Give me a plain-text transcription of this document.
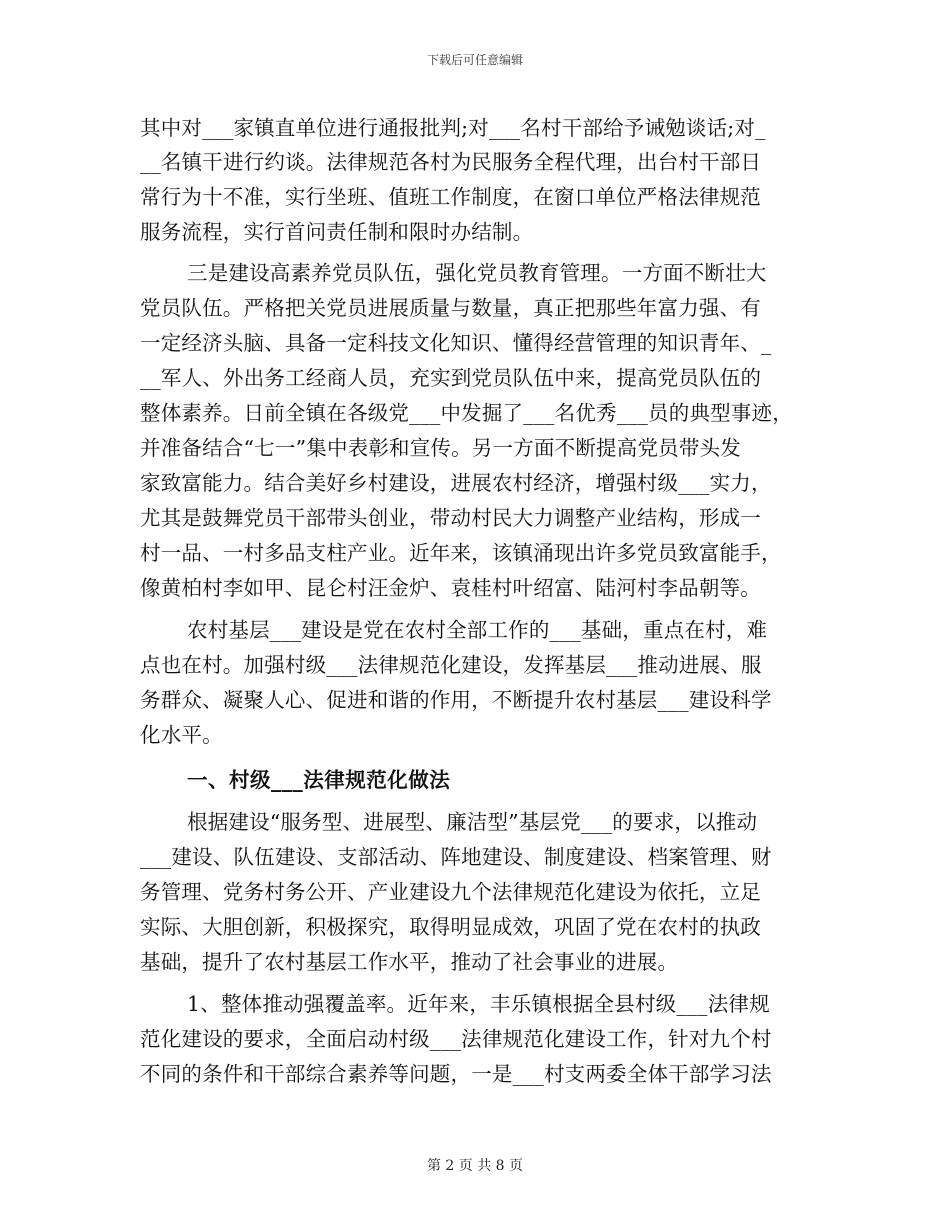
下载后可任意编辑
其中对___家镇直单位进行通报批判;对___名村干部给予诫勉谈话;对_
__名镇干进行约谈。法律规范各村为民服务全程代理，出台村干部日
常行为十不准，实行坐班、值班工作制度，在窗口单位严格法律规范
服务流程，实行首问责任制和限时办结制。
三是建设高素养党员队伍，强化党员教育管理。一方面不断壮大
党员队伍。严格把关党员进展质量与数量，真正把那些年富力强、有
一定经济头脑、具备一定科技文化知识、懂得经营管理的知识青年、_
__军人、外出务工经商人员，充实到党员队伍中来，提高党员队伍的
整体素养。日前全镇在各级党___中发掘了___名优秀___员的典型事迹，
并准备结合“七一”集中表彰和宣传。另一方面不断提高党员带头发
家致富能力。结合美好乡村建设，进展农村经济，增强村级___实力，
尤其是鼓舞党员干部带头创业，带动村民大力调整产业结构，形成一
村一品、一村多品支柱产业。近年来，该镇涌现出许多党员致富能手，
像黄柏村李如甲、昆仑村汪金炉、袁桂村叶绍富、陆河村李品朝等。
农村基层___建设是党在农村全部工作的___基础，重点在村，难
点也在村。加强村级___法律规范化建设，发挥基层___推动进展、服
务群众、凝聚人心、促进和谐的作用，不断提升农村基层___建设科学
化水平。
一、村级___法律规范化做法
根据建设“服务型、进展型、廉洁型”基层党___的要求，以推动
___建设、队伍建设、支部活动、阵地建设、制度建设、档案管理、财
务管理、党务村务公开、产业建设九个法律规范化建设为依托，立足
实际、大胆创新，积极探究，取得明显成效，巩固了党在农村的执政
基础，提升了农村基层工作水平，推动了社会事业的进展。
1、整体推动强覆盖率。近年来，丰乐镇根据全县村级___法律规
范化建设的要求，全面启动村级___法律规范化建设工作，针对九个村
不同的条件和干部综合素养等问题，一是___村支两委全体干部学习法
第 2 页 共 8 页
